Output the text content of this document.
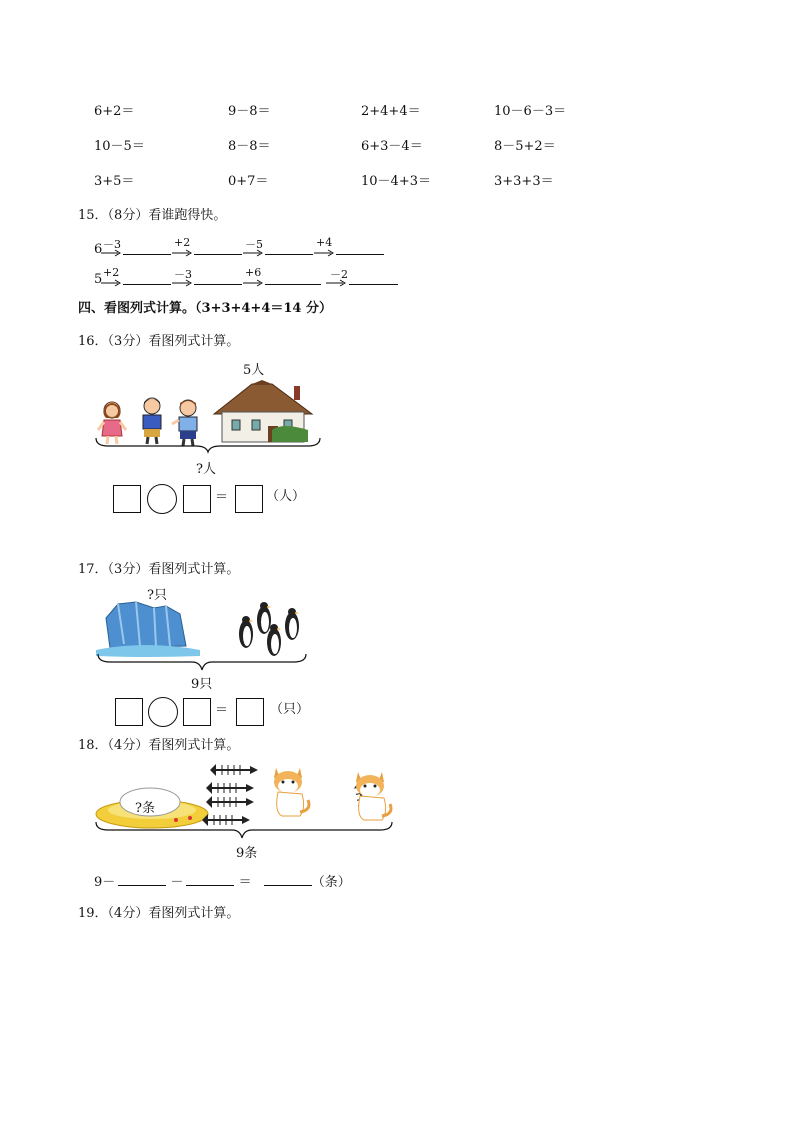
6+2＝	9－8＝	2+4+4＝	10－6－3＝
10－5＝	8－8＝	6+3－4＝	8－5+2＝
3+5＝	0+7＝	10－4+3＝	3+3+3＝
15．（8分）看谁跑得快。
6 －3	+2	－5	+4
5 +2	－3	+6	－2
四、看图列式计算。（3+3+4+4＝14 分）
16．（3分）看图列式计算。
5人
?人
＝	（人）
17．（3分）看图列式计算。
?只
9只
＝	（只）
18．（4分）看图列式计算。
?条
9条
9－	－	＝	（条）
19．（4分）看图列式计算。
